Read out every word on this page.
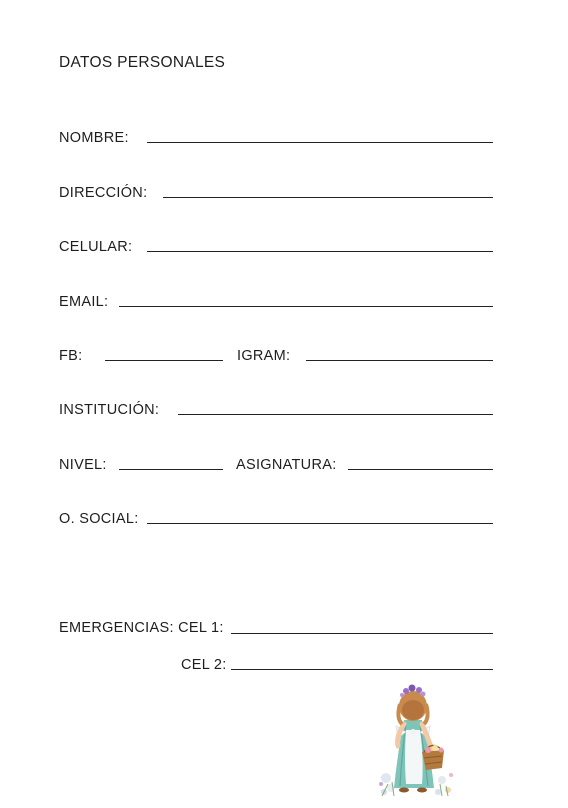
DATOS PERSONALES
NOMBRE:
DIRECCIÓN:
CELULAR:
EMAIL:
FB:	IGRAM:
INSTITUCIÓN:
NIVEL:	ASIGNATURA:
O. SOCIAL:
EMERGENCIAS: CEL 1:
CEL 2:
